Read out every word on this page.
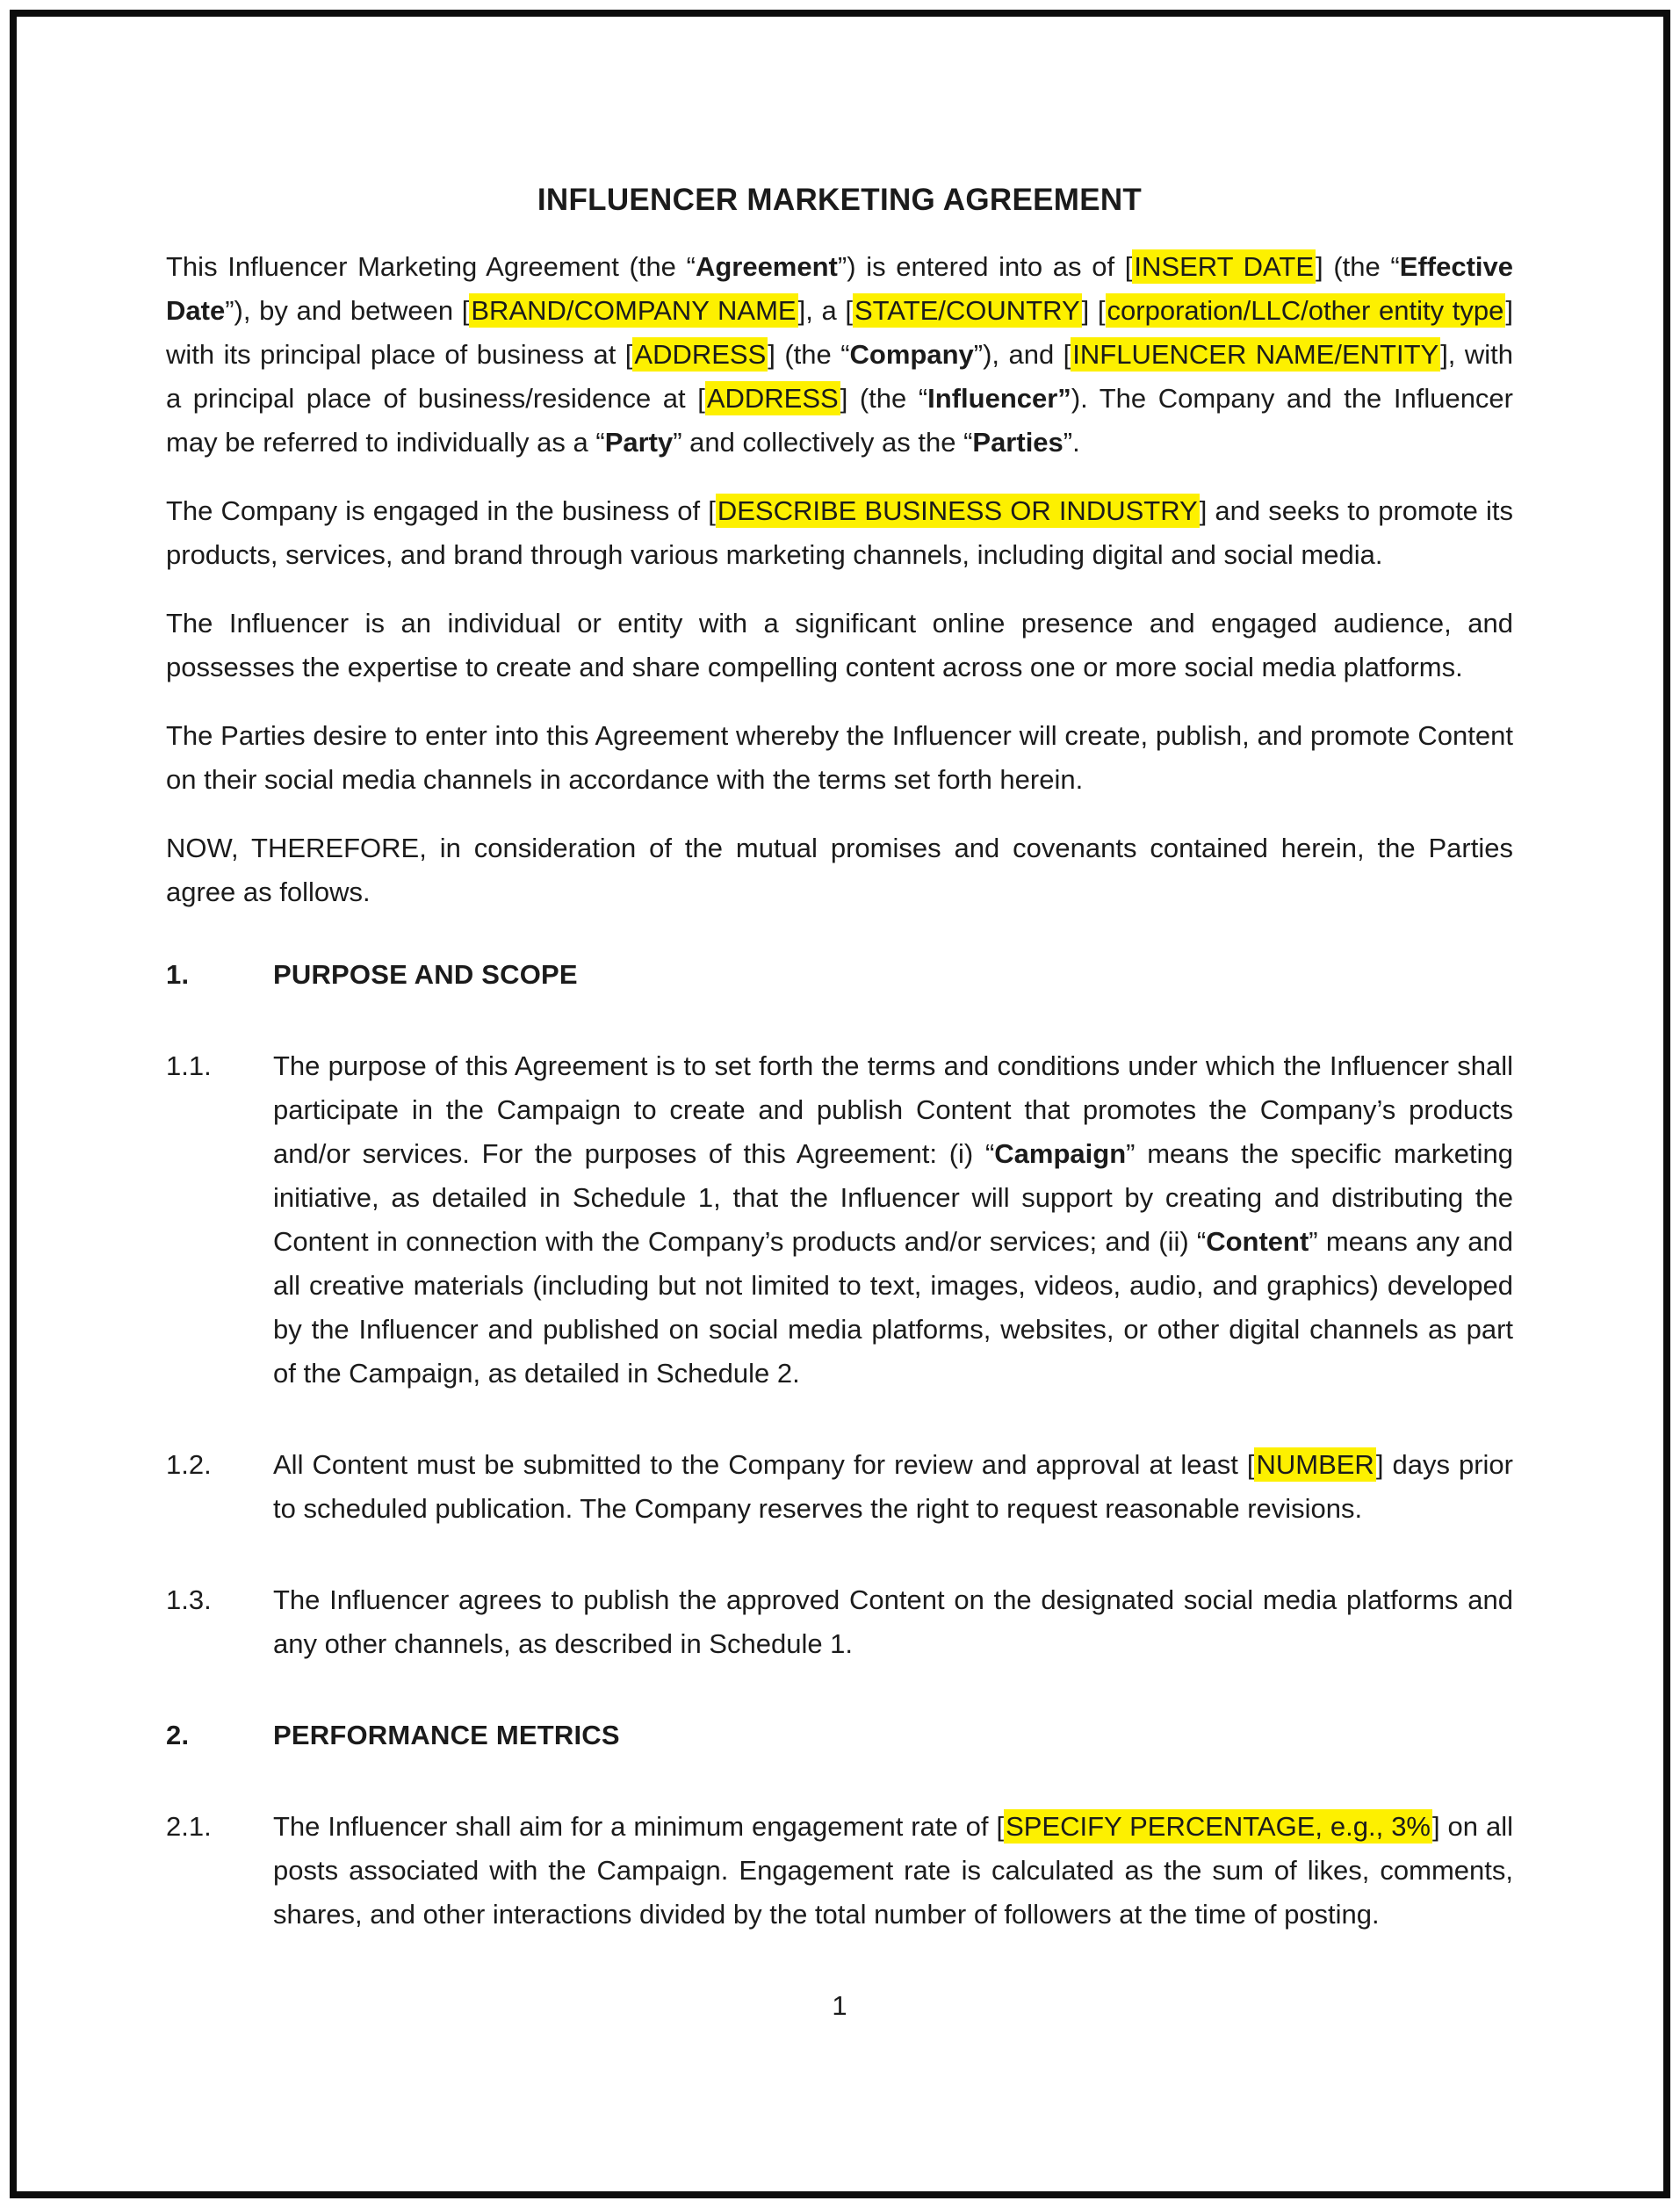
INFLUENCER MARKETING AGREEMENT
This Influencer Marketing Agreement (the “Agreement”) is entered into as of [INSERT DATE] (the “Effective Date”), by and between [BRAND/COMPANY NAME], a [STATE/COUNTRY] [corporation/LLC/other entity type] with its principal place of business at [ADDRESS] (the “Company”), and [INFLUENCER NAME/ENTITY], with a principal place of business/residence at [ADDRESS] (the “Influencer”). The Company and the Influencer may be referred to individually as a “Party” and collectively as the “Parties”.
The Company is engaged in the business of [DESCRIBE BUSINESS OR INDUSTRY] and seeks to promote its products, services, and brand through various marketing channels, including digital and social media.
The Influencer is an individual or entity with a significant online presence and engaged audience, and possesses the expertise to create and share compelling content across one or more social media platforms.
The Parties desire to enter into this Agreement whereby the Influencer will create, publish, and promote Content on their social media channels in accordance with the terms set forth herein.
NOW, THEREFORE, in consideration of the mutual promises and covenants contained herein, the Parties agree as follows.
1.	PURPOSE AND SCOPE
1.1. The purpose of this Agreement is to set forth the terms and conditions under which the Influencer shall participate in the Campaign to create and publish Content that promotes the Company’s products and/or services. For the purposes of this Agreement: (i) “Campaign” means the specific marketing initiative, as detailed in Schedule 1, that the Influencer will support by creating and distributing the Content in connection with the Company’s products and/or services; and (ii) “Content” means any and all creative materials (including but not limited to text, images, videos, audio, and graphics) developed by the Influencer and published on social media platforms, websites, or other digital channels as part of the Campaign, as detailed in Schedule 2.
1.2. All Content must be submitted to the Company for review and approval at least [NUMBER] days prior to scheduled publication. The Company reserves the right to request reasonable revisions.
1.3. The Influencer agrees to publish the approved Content on the designated social media platforms and any other channels, as described in Schedule 1.
2.	PERFORMANCE METRICS
2.1. The Influencer shall aim for a minimum engagement rate of [SPECIFY PERCENTAGE, e.g., 3%] on all posts associated with the Campaign. Engagement rate is calculated as the sum of likes, comments, shares, and other interactions divided by the total number of followers at the time of posting.
1
